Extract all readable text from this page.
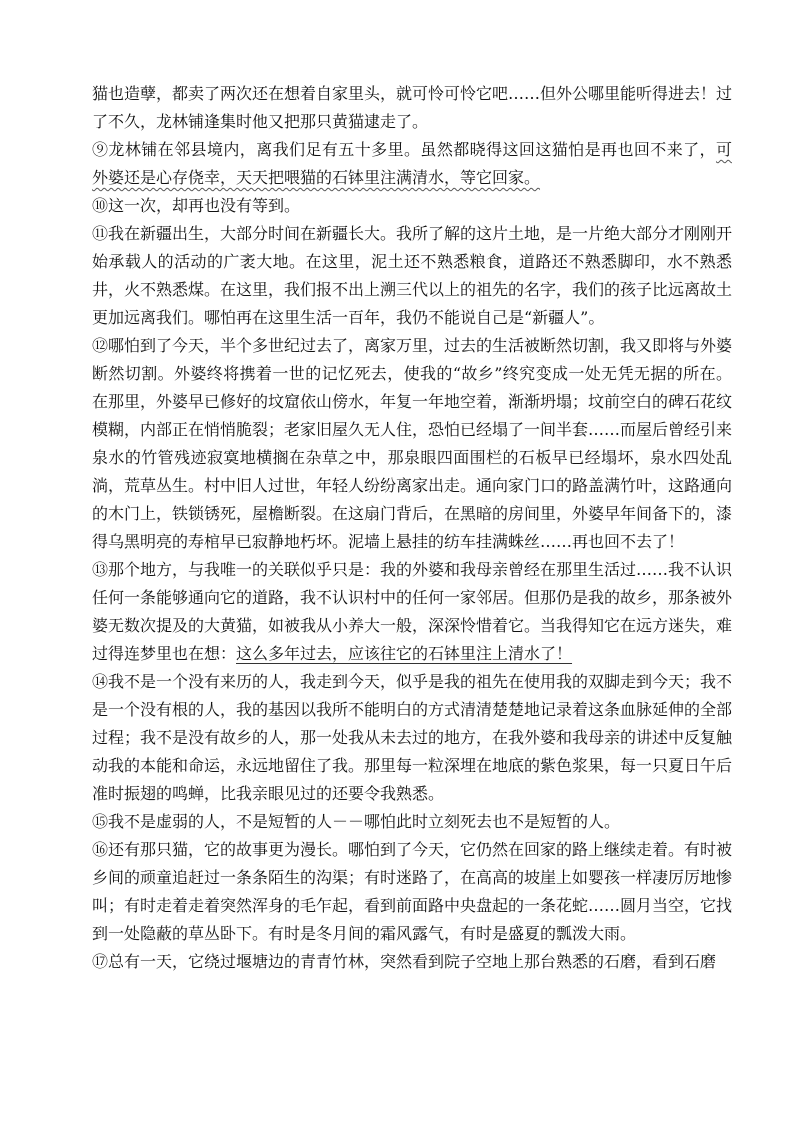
猫也造孽，都卖了两次还在想着自家里头，就可怜可怜它吧……但外公哪里能听得进去！过了不久，龙林铺逢集时他又把那只黄猫逮走了。

⑨龙林铺在邻县境内，离我们足有五十多里。虽然都晓得这回这猫怕是再也回不来了，可外婆还是心存侥幸，天天把喂猫的石钵里注满清水，等它回家。

⑩这一次，却再也没有等到。

⑪我在新疆出生，大部分时间在新疆长大。我所了解的这片土地，是一片绝大部分才刚刚开始承载人的活动的广袤大地。在这里，泥土还不熟悉粮食，道路还不熟悉脚印，水不熟悉井，火不熟悉煤。在这里，我们报不出上溯三代以上的祖先的名字，我们的孩子比远离故土更加远离我们。哪怕再在这里生活一百年，我仍不能说自己是“新疆人”。

⑫哪怕到了今天，半个多世纪过去了，离家万里，过去的生活被断然切割，我又即将与外婆断然切割。外婆终将携着一世的记忆死去，使我的“故乡”终究变成一处无凭无据的所在。在那里，外婆早已修好的坟窟依山傍水，年复一年地空着，渐渐坍塌；坟前空白的碑石花纹模糊，内部正在悄悄脆裂；老家旧屋久无人住，恐怕已经塌了一间半套……而屋后曾经引来泉水的竹管残迹寂寞地横搁在杂草之中，那泉眼四面围栏的石板早已经塌坏，泉水四处乱淌，荒草丛生。村中旧人过世，年轻人纷纷离家出走。通向家门口的路盖满竹叶，这路通向的木门上，铁锁锈死，屋檐断裂。在这扇门背后，在黑暗的房间里，外婆早年间备下的，漆得乌黑明亮的寿棺早已寂静地朽坏。泥墙上悬挂的纺车挂满蛛丝……再也回不去了！

⑬那个地方，与我唯一的关联似乎只是：我的外婆和我母亲曾经在那里生活过……我不认识任何一条能够通向它的道路，我不认识村中的任何一家邻居。但那仍是我的故乡，那条被外婆无数次提及的大黄猫，如被我从小养大一般，深深怜惜着它。当我得知它在远方迷失，难过得连梦里也在想：这么多年过去，应该往它的石钵里注上清水了！

⑭我不是一个没有来历的人，我走到今天，似乎是我的祖先在使用我的双脚走到今天；我不是一个没有根的人，我的基因以我所不能明白的方式清清楚楚地记录着这条血脉延伸的全部过程；我不是没有故乡的人，那一处我从未去过的地方，在我外婆和我母亲的讲述中反复触动我的本能和命运，永远地留住了我。那里每一粒深埋在地底的紫色浆果，每一只夏日午后准时振翅的鸣蝉，比我亲眼见过的还要令我熟悉。

⑮我不是虚弱的人，不是短暂的人－－哪怕此时立刻死去也不是短暂的人。

⑯还有那只猫，它的故事更为漫长。哪怕到了今天，它仍然在回家的路上继续走着。有时被乡间的顽童追赶过一条条陌生的沟渠；有时迷路了，在高高的坡崖上如婴孩一样凄厉厉地惨叫；有时走着走着突然浑身的毛乍起，看到前面路中央盘起的一条花蛇……圆月当空，它找到一处隐蔽的草丛卧下。有时是冬月间的霜风露气，有时是盛夏的瓢泼大雨。

⑰总有一天，它绕过堰塘边的青青竹林，突然看到院子空地上那台熟悉的石磨，看到石磨
